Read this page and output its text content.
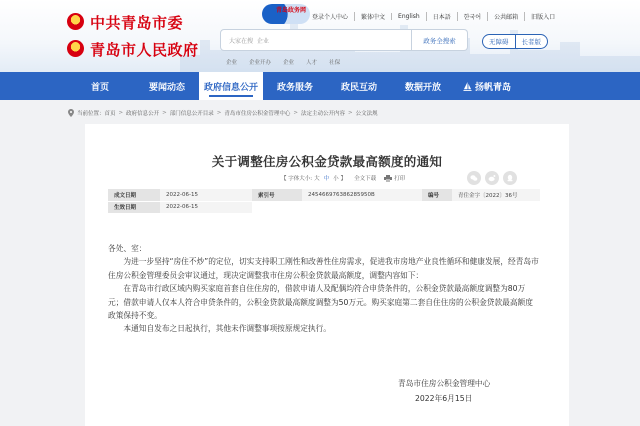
中共青岛市委
青岛市人民政府
青岛政务网
登录个人中心	繁体中文	English	日本語	한국어	公共邮箱	旧版入口
大家在搜 企业
政务全搜索
企业 企业开办 企业 人才 社保
无障碍	长者版
首页	要闻动态	政府信息公开	政务服务	政民互动	数据开放	扬帆青岛
当前位置： 首页 > 政府信息公开 > 部门信息公开目录 > 青岛市住房公积金管理中心 > 法定主动公开内容 > 公文法规
关于调整住房公积金贷款最高额度的通知
【 字体大小: 大 中 小 】 全文下载	打印
成文日期	2022-06-15	索引号	245466976386285950B	编号	青住金字〔2022〕36号
生效日期	2022-06-15				

各处、室：

为进一步坚持“房住不炒”的定位，切实支持职工刚性和改善性住房需求，促进我市房地产业良性循环和健康发展，经青岛市住房公积金管理委员会审议通过，现决定调整我市住房公积金贷款最高额度，调整内容如下：

在青岛市行政区域内购买家庭首套自住住房的，借款申请人及配偶均符合申贷条件的，公积金贷款最高额度调整为80万元；借款申请人仅本人符合申贷条件的，公积金贷款最高额度调整为50万元。购买家庭第二套自住住房的公积金贷款最高额度政策保持不变。

本通知自发布之日起执行，其他未作调整事项按原规定执行。

青岛市住房公积金管理中心
2022年6月15日
